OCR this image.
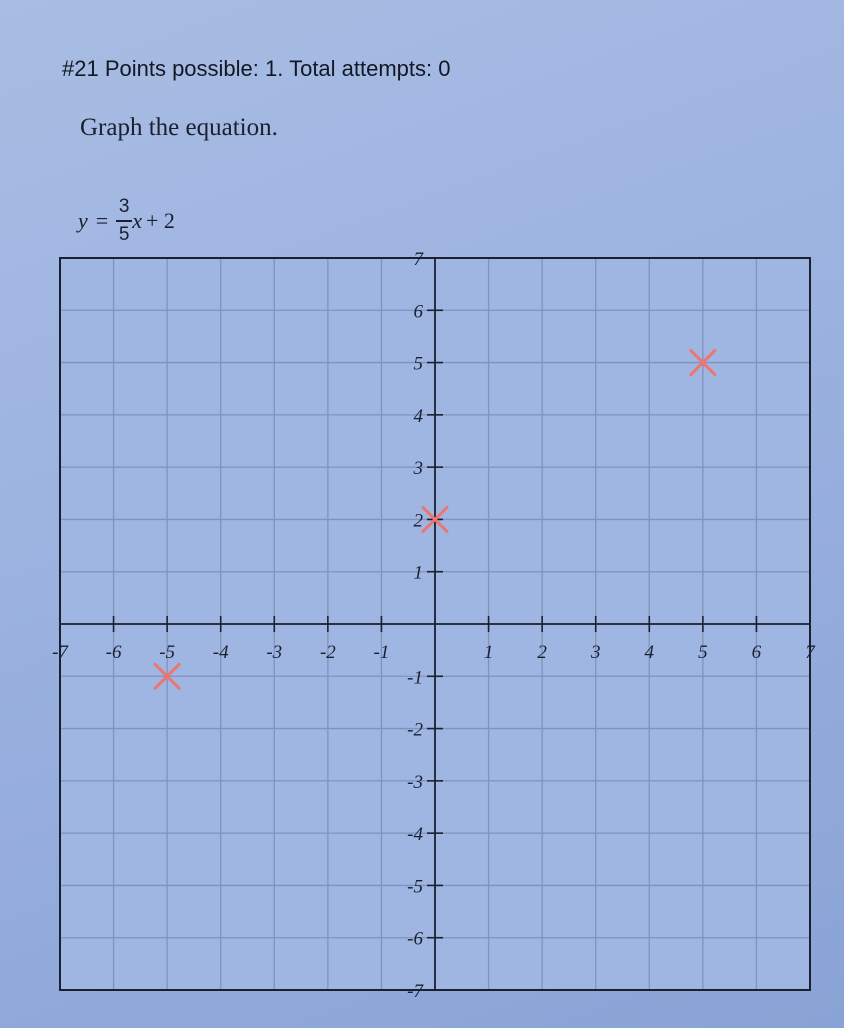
#21 Points possible: 1. Total attempts: 0
Graph the equation.
$y = \frac{3}{5}$ x + 2
-7 -6 -5 -4 -3 -2 -1	1 2 3 4 5 6 7
7
6
5
4
3
2
1
-1
-2
-3
-4
-5
-6
-7
